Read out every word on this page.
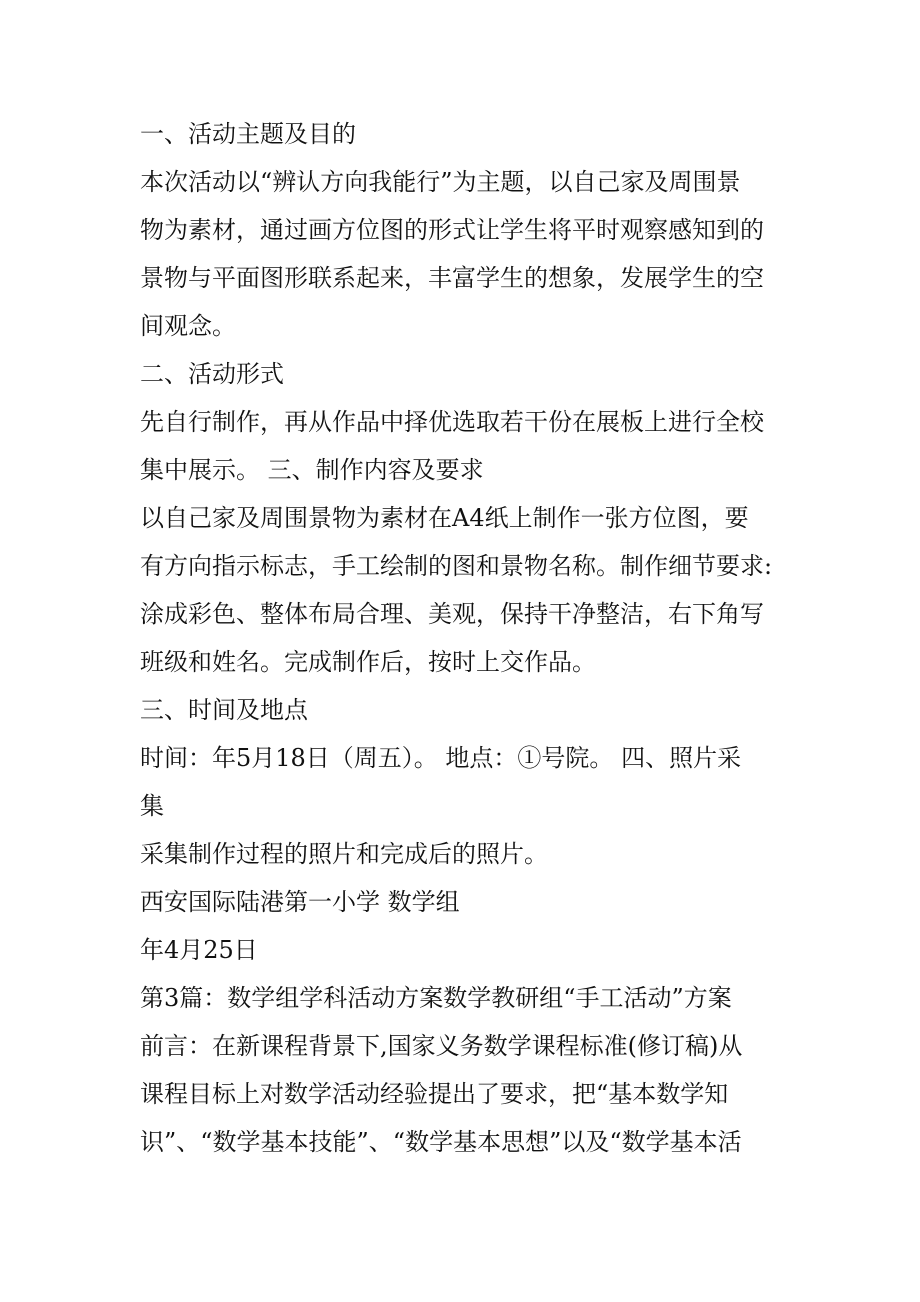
一、活动主题及目的
本次活动以“辨认方向我能行”为主题，以自己家及周围景
物为素材，通过画方位图的形式让学生将平时观察感知到的
景物与平面图形联系起来，丰富学生的想象，发展学生的空
间观念。
二、活动形式
先自行制作，再从作品中择优选取若干份在展板上进行全校
集中展示。 三、制作内容及要求
以自己家及周围景物为素材在A4纸上制作一张方位图，要
有方向指示标志，手工绘制的图和景物名称。制作细节要求:
涂成彩色、整体布局合理、美观，保持干净整洁，右下角写
班级和姓名。完成制作后，按时上交作品。
三、时间及地点
时间：年5月18日（周五）。 地点：①号院。 四、照片采
集
采集制作过程的照片和完成后的照片。
西安国际陆港第一小学 数学组
年4月25日
第3篇：数学组学科活动方案数学教研组“手工活动”方案
前言：在新课程背景下,国家义务数学课程标准(修订稿)从
课程目标上对数学活动经验提出了要求，把“基本数学知
识”、“数学基本技能”、“数学基本思想”以及“数学基本活
